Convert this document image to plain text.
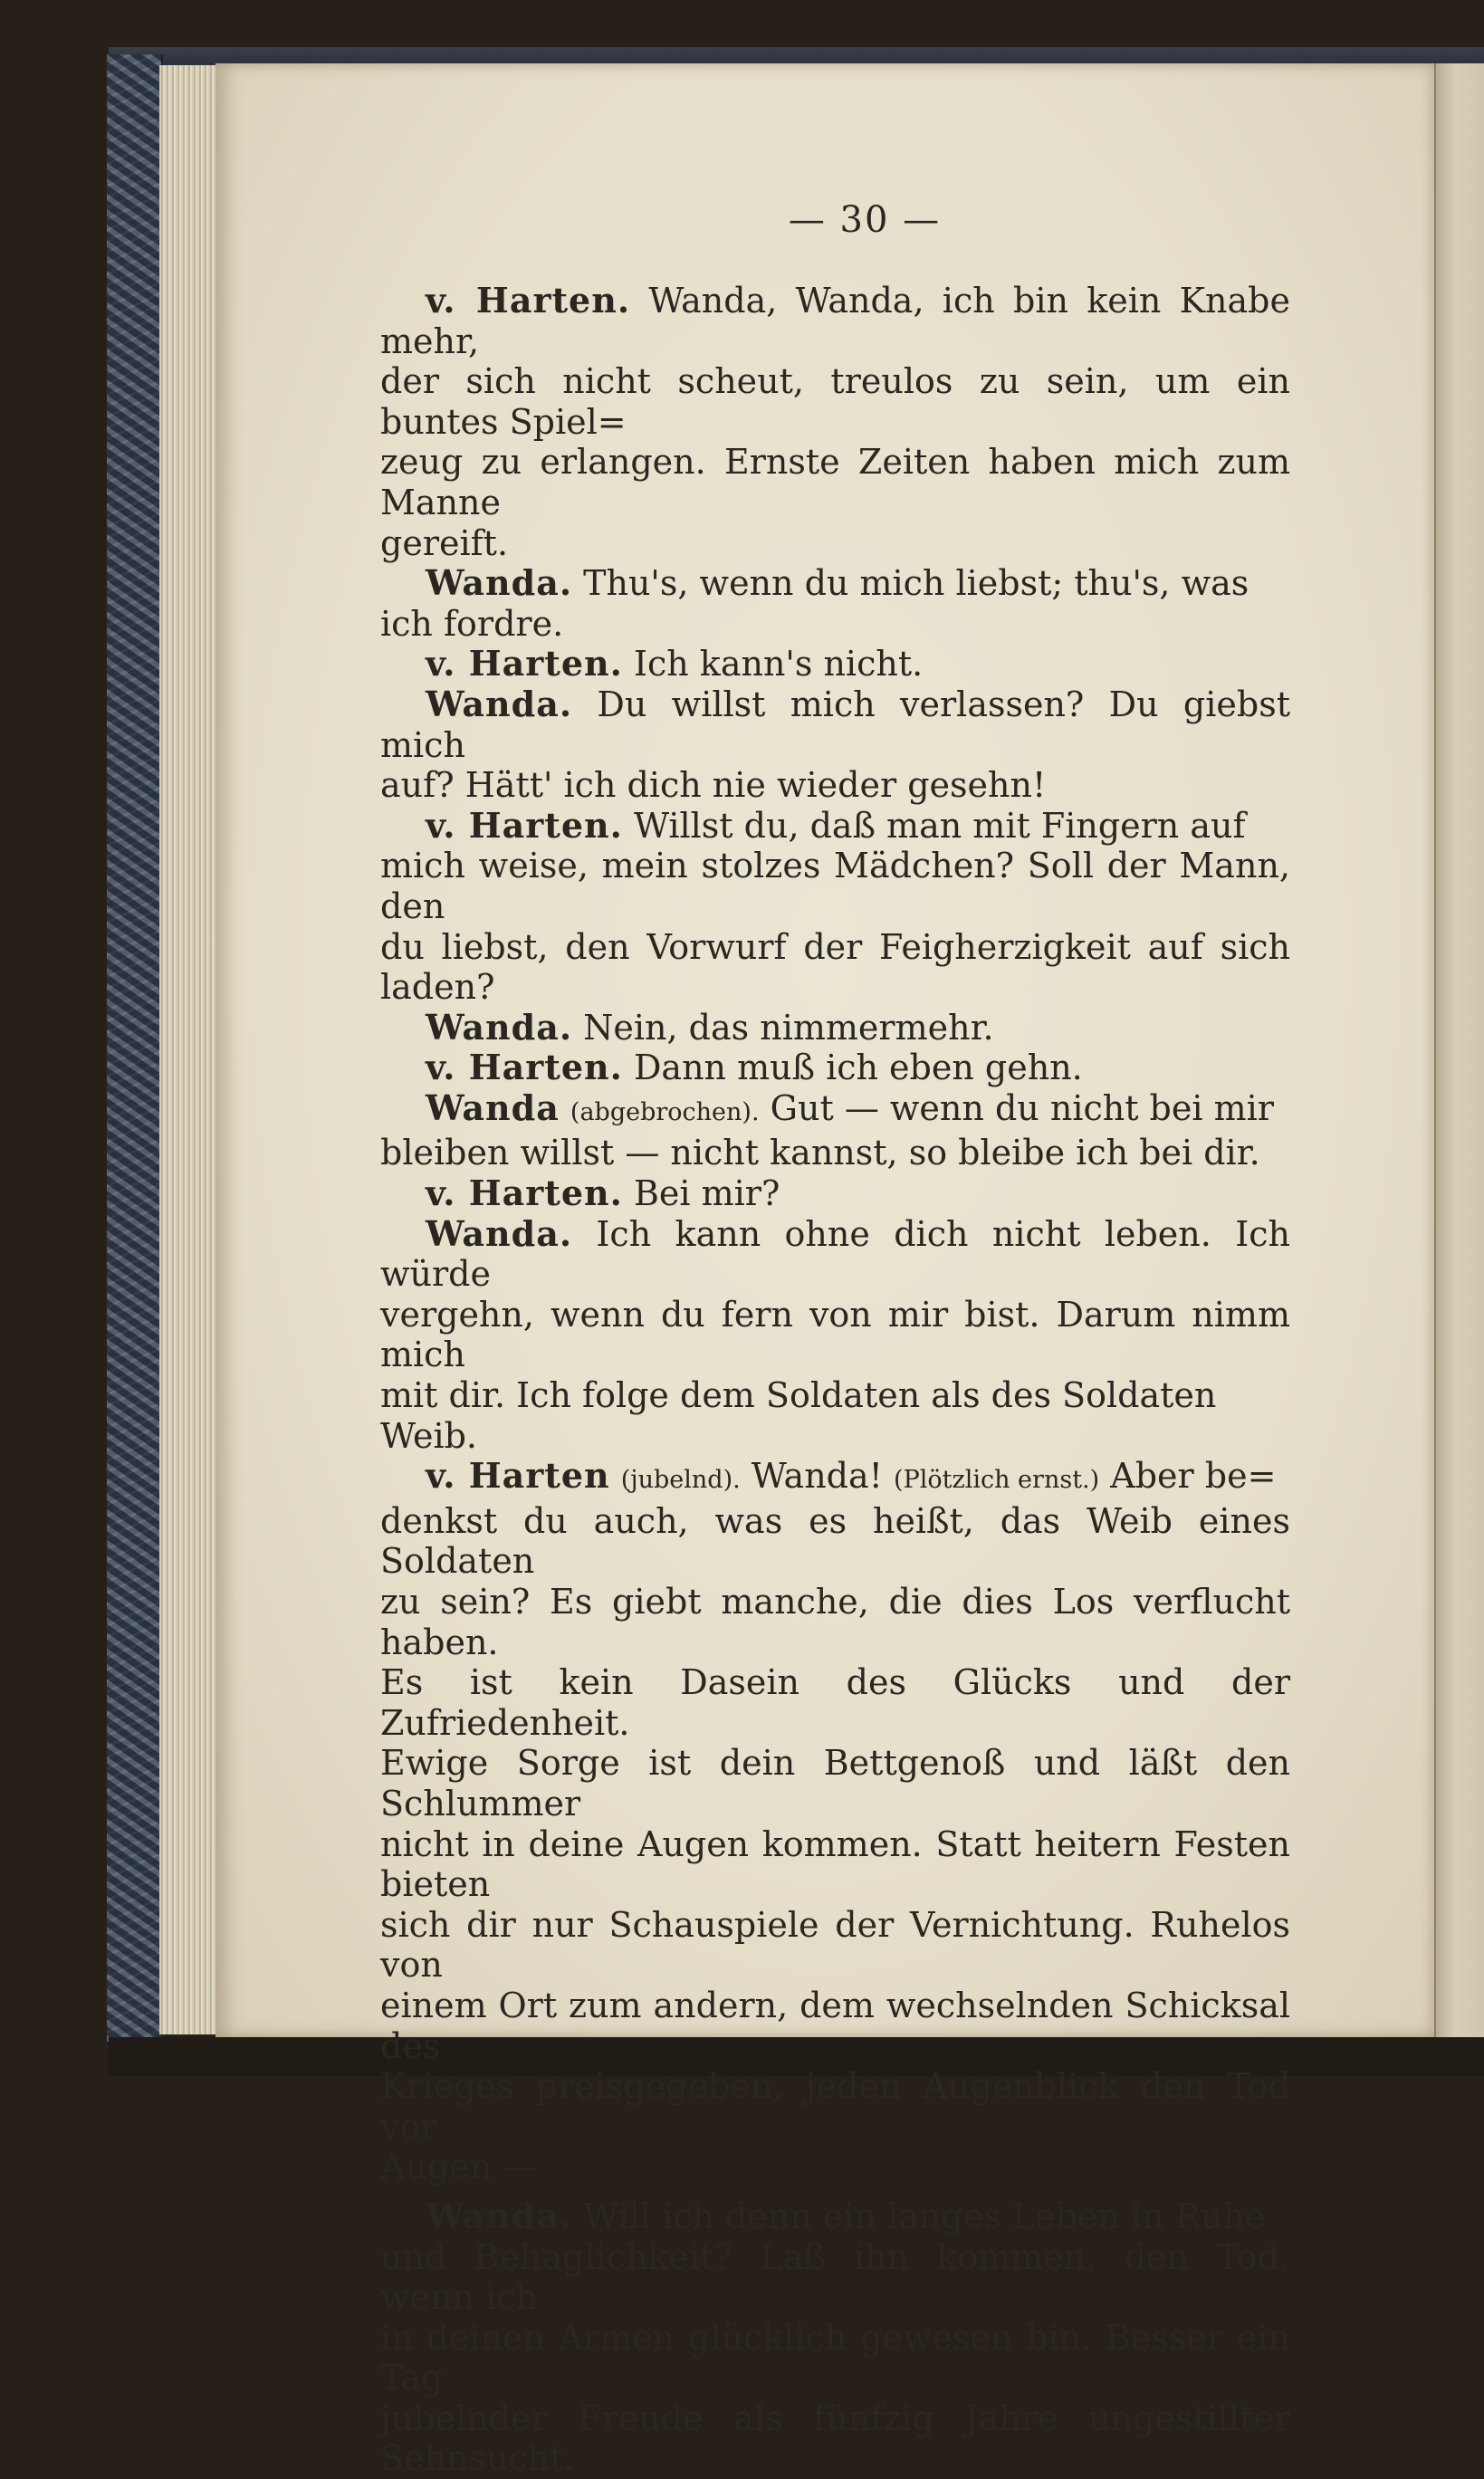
— 30 —

v. Harten. Wanda, Wanda, ich bin kein Knabe mehr,
der sich nicht scheut, treulos zu sein, um ein buntes Spiel=
zeug zu erlangen. Ernste Zeiten haben mich zum Manne
gereift.

Wanda. Thu's, wenn du mich liebst; thu's, was
ich fordre.

v. Harten. Ich kann's nicht.

Wanda. Du willst mich verlassen? Du giebst mich
auf? Hätt' ich dich nie wieder gesehn!

v. Harten. Willst du, daß man mit Fingern auf
mich weise, mein stolzes Mädchen? Soll der Mann, den
du liebst, den Vorwurf der Feigherzigkeit auf sich laden?

Wanda. Nein, das nimmermehr.

v. Harten. Dann muß ich eben gehn.

Wanda (abgebrochen). Gut — wenn du nicht bei mir
bleiben willst — nicht kannst, so bleibe ich bei dir.

v. Harten. Bei mir?

Wanda. Ich kann ohne dich nicht leben. Ich würde
vergehn, wenn du fern von mir bist. Darum nimm mich
mit dir. Ich folge dem Soldaten als des Soldaten
Weib.

v. Harten (jubelnd). Wanda! (Plötzlich ernst.) Aber be=
denkst du auch, was es heißt, das Weib eines Soldaten
zu sein? Es giebt manche, die dies Los verflucht haben.
Es ist kein Dasein des Glücks und der Zufriedenheit.
Ewige Sorge ist dein Bettgenoß und läßt den Schlummer
nicht in deine Augen kommen. Statt heitern Festen bieten
sich dir nur Schauspiele der Vernichtung. Ruhelos von
einem Ort zum andern, dem wechselnden Schicksal des
Krieges preisgegeben, jeden Augenblick den Tod vor
Augen —

Wanda. Will ich denn ein langes Leben in Ruhe
und Behaglichkeit? Laß ihn kommen, den Tod, wenn ich
in deinen Armen glücklich gewesen bin. Besser ein Tag
jubelnder Freude als fünfzig Jahre ungestillter Sehnsucht.
